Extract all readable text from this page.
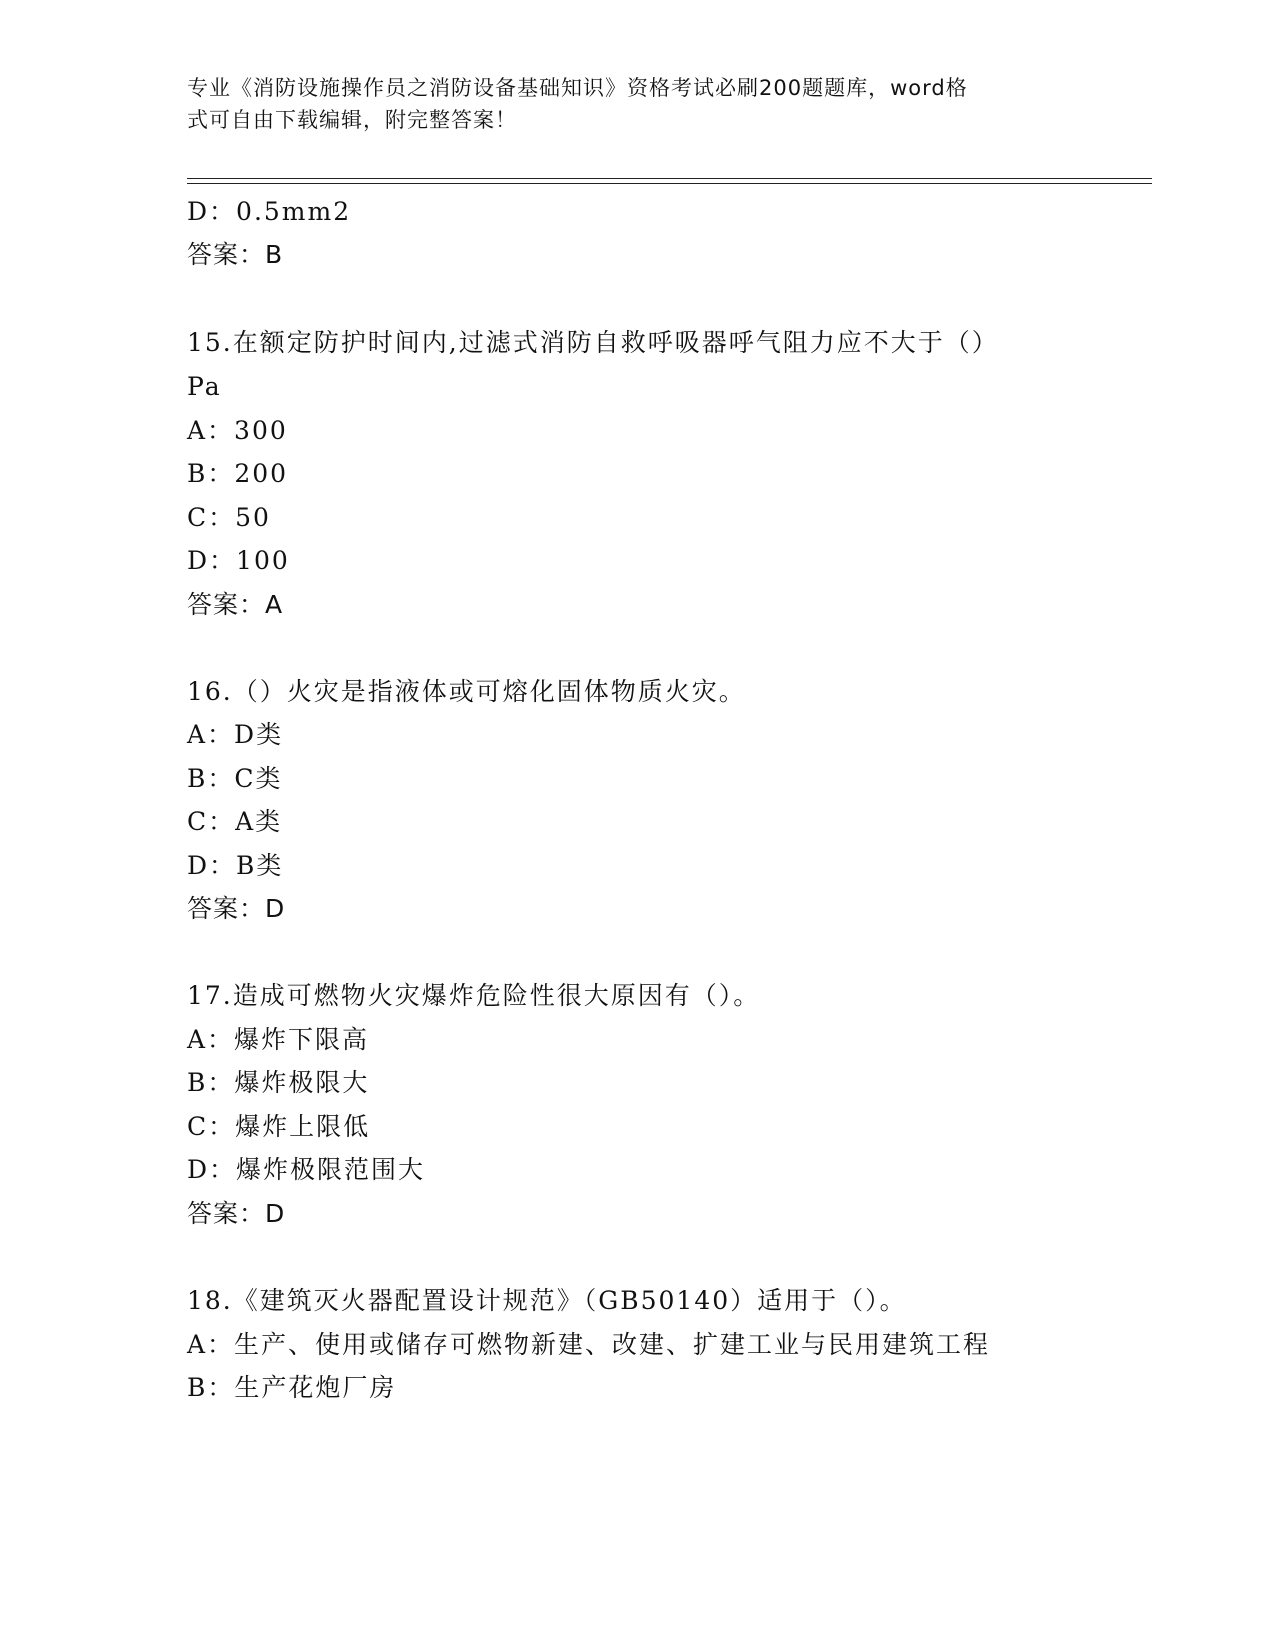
专业《消防设施操作员之消防设备基础知识》资格考试必刷200题题库，word格
式可自由下载编辑，附完整答案！
D：0.5mm2
答案：B
15.在额定防护时间内,过滤式消防自救呼吸器呼气阻力应不大于（）
Pa
A：300
B：200
C：50
D：100
答案：A
16.（）火灾是指液体或可熔化固体物质火灾。
A：D类
B：C类
C：A类
D：B类
答案：D
17.造成可燃物火灾爆炸危险性很大原因有（）。
A：爆炸下限高
B：爆炸极限大
C：爆炸上限低
D：爆炸极限范围大
答案：D
18.《建筑灭火器配置设计规范》（GB50140）适用于（）。
A：生产、使用或储存可燃物新建、改建、扩建工业与民用建筑工程
B：生产花炮厂房
